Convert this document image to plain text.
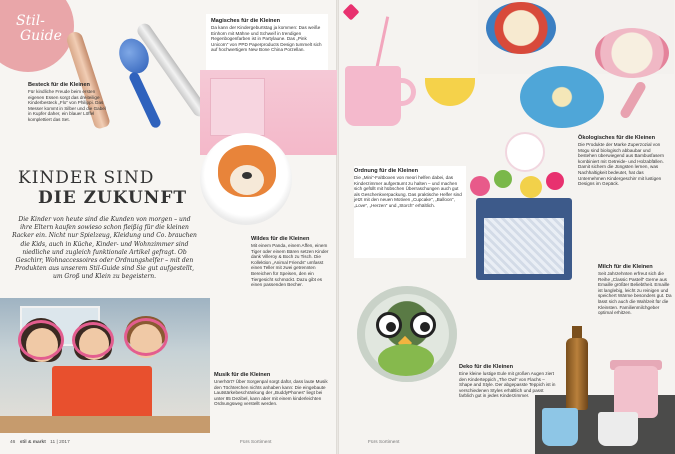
Stil-
Guide
Besteck für die Kleinen
Für kindliche Freude beim ersten eigenen Essen sorgt das dreiteilige Kinderbesteck „Flo“ von Philippi. Das Messer kommt in Silber und die Gabel in Kupfer daher, ein blauer Löffel komplettiert das Set.
Magisches für die Kleinen
Da kann der Kindergeburtstag ja kommen: Das weiße Einhorn mit Mähne und Schweif in trendigen Regenbogenfarben ist in Partylaune. Das „Pink Unicorn“ von PPD Paperproducts Design tummelt sich auf hochwertigem New Bone China Porzellan.
KINDER SIND
DIE ZUKUNFT
Die Kinder von heute sind die Kunden von morgen – und ihre Eltern kaufen sowieso schon fleißig für die kleinen Racker ein. Nicht nur Spielzeug, Kleidung und Co. brauchen die Kids, auch in Küche, Kinder- und Wohnzimmer sind niedliche und zugleich funktionale Artikel gefragt. Ob Geschirr, Wohnaccessoires oder Ordnungshelfer – mit den Produkten aus unserem Stil-Guide sind Sie gut aufgestellt, um Groß und Klein zu begeistern.
Wildes für die Kleinen
Mit einem Panda, einem Affen, einem Tiger oder einem Bären setzen Kinder dank Villeroy & Boch zu Tisch. Die Kollektion „Animal Friends“ umfasst einen Teller mit zwei getrennten Bereichen für Speisen, den ein Tiergesicht schmückt. Dazu gibt es einen passenden Becher.
Musik für die Kleinen
Unerhört? Über Sorgenpal sorgt dafür, dass laute Musik den Töchterchen nichts anhaben kann: Die eingebaute Lautstärkebeschränkung der „BuddyPhones“ liegt bei unter 85 Dezibel, kann aber mit einem kinderleichten Ordnungsweg verstellt werden.
46 stil & markt 11 | 2017	Fürs Sortiment	Fürs Sortiment
Ökologisches für die Kleinen
Die Produkte der Marke Zuperzozial von Mogu sind biologisch abbaubar und bestehen überwiegend aus Bambusfasern kombiniert mit Getreide- und Holzabfällen. Damit sichern die Jüngsten lernen, was Nachhaltigkeit bedeutet, hat das Unternehmen Kindergeschirr mit lustigen Designs im Gepäck.
Ordnung für die Kleinen
Die „Mini“-Faltboxen von meori helfen dabei, das Kinderzimmer aufgeräumt zu halten – und machen sich gefüllt mit hübschen Überraschungen auch gut als Geschenkverpackung. Das praktische Helfer sind jetzt mit den neuen Motiven „Cupcake“, „Balloon“, „Love“, „Herzen“ und „Storch“ erhältlich.
Milch für die Kleinen
Seit Jahrzehnten erfreut sich die Reihe „Classic Pastell“ Gerne aus Emaille größter Beliebtheit. Emaille ist langlebig, leicht zu reinigen und speichert Wärme besonders gut. Da lässt sich auch die Wahlzeit für die Kleinsten. Familienmilchgeber optimal erhitzen.
Deko für die Kleinen
Eine kleine lustige Eule mit großen Augen ziert den Kinderteppich „The Owl“ von Flachs – Shape and Style. Der abgepasste Teppich ist in verschiedenen Styles erhältlich und passt farblich gut in jedes Kinderzimmer.
